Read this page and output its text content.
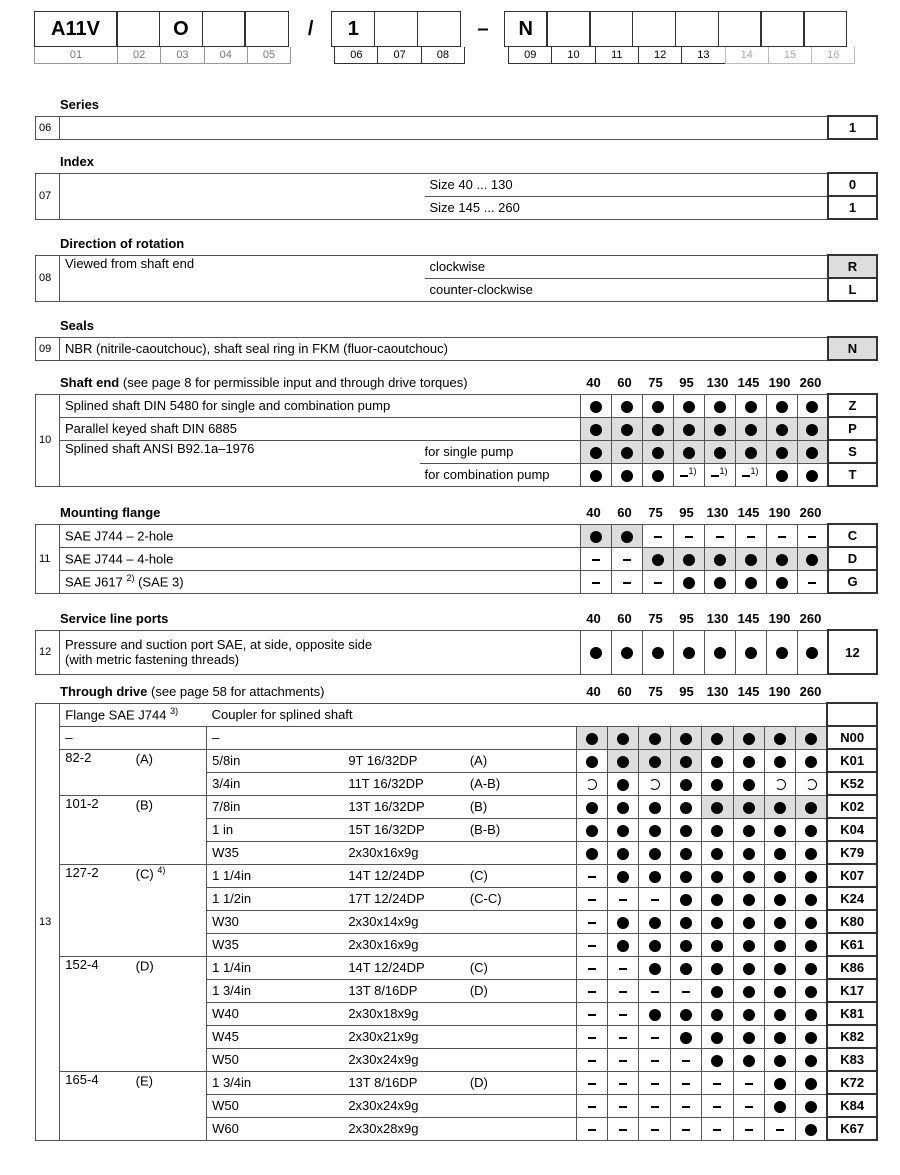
A11V	O	/	1	–	N
01	02	03	04	05	06	07	08	09	10	11	12	13	14	15	16
Series
06		1
Index
07		Size 40 ... 130	0
		Size 145 ... 260	1
Direction of rotation
08	Viewed from shaft end	clockwise	R
		counter-clockwise	L
Seals
09	NBR (nitrile-caoutchouc), shaft seal ring in FKM (fluor-caoutchouc)	N
Shaft end (see page 8 for permissible input and through drive torques)	40	60	75	95 130 145 190 260
10	Splined shaft DIN 5480 for single and combination pump										Z
	Parallel keyed shaft DIN 6885										P
	Splined shaft ANSI B92.1a–1976	for single pump									S
		for combination pump				$^{1)}$	$^{1)}$	$^{1)}$			T
Mounting flange	40	60	75	95 130 145 190 260
11	SAE J744 – 2-hole									C
	SAE J744 – 4-hole									D
	SAE J617 $^{2)}$ (SAE 3)									G
Service line ports	40	60	75	95 130 145 190 260
12	Pressure and suction port SAE, at side, opposite side
(with metric fastening threads)									12
Through drive (see page 58 for attachments)	40	60	75	95 130 145 190 260
13	Flange SAE J744 $^{3)}$		Coupler for splined shaft											
	–		–											N00
	82-2	(A)	5/8in	9T 16/32DP	(A)									K01
			3/4in	11T 16/32DP	(A-B)									K52
	101-2	(B)	7/8in	13T 16/32DP	(B)									K02
			1 in	15T 16/32DP	(B-B)									K04
			W35	2x30x16x9g										K79
	127-2	(C) $^{4)}$	1 1/4in	14T 12/24DP	(C)									K07
			1 1/2in	17T 12/24DP	(C-C)									K24
			W30	2x30x14x9g										K80
			W35	2x30x16x9g										K61
	152-4	(D)	1 1/4in	14T 12/24DP	(C)									K86
			1 3/4in	13T 8/16DP	(D)									K17
			W40	2x30x18x9g										K81
			W45	2x30x21x9g										K82
			W50	2x30x24x9g										K83
	165-4	(E)	1 3/4in	13T 8/16DP	(D)									K72
			W50	2x30x24x9g										K84
			W60	2x30x28x9g										K67
